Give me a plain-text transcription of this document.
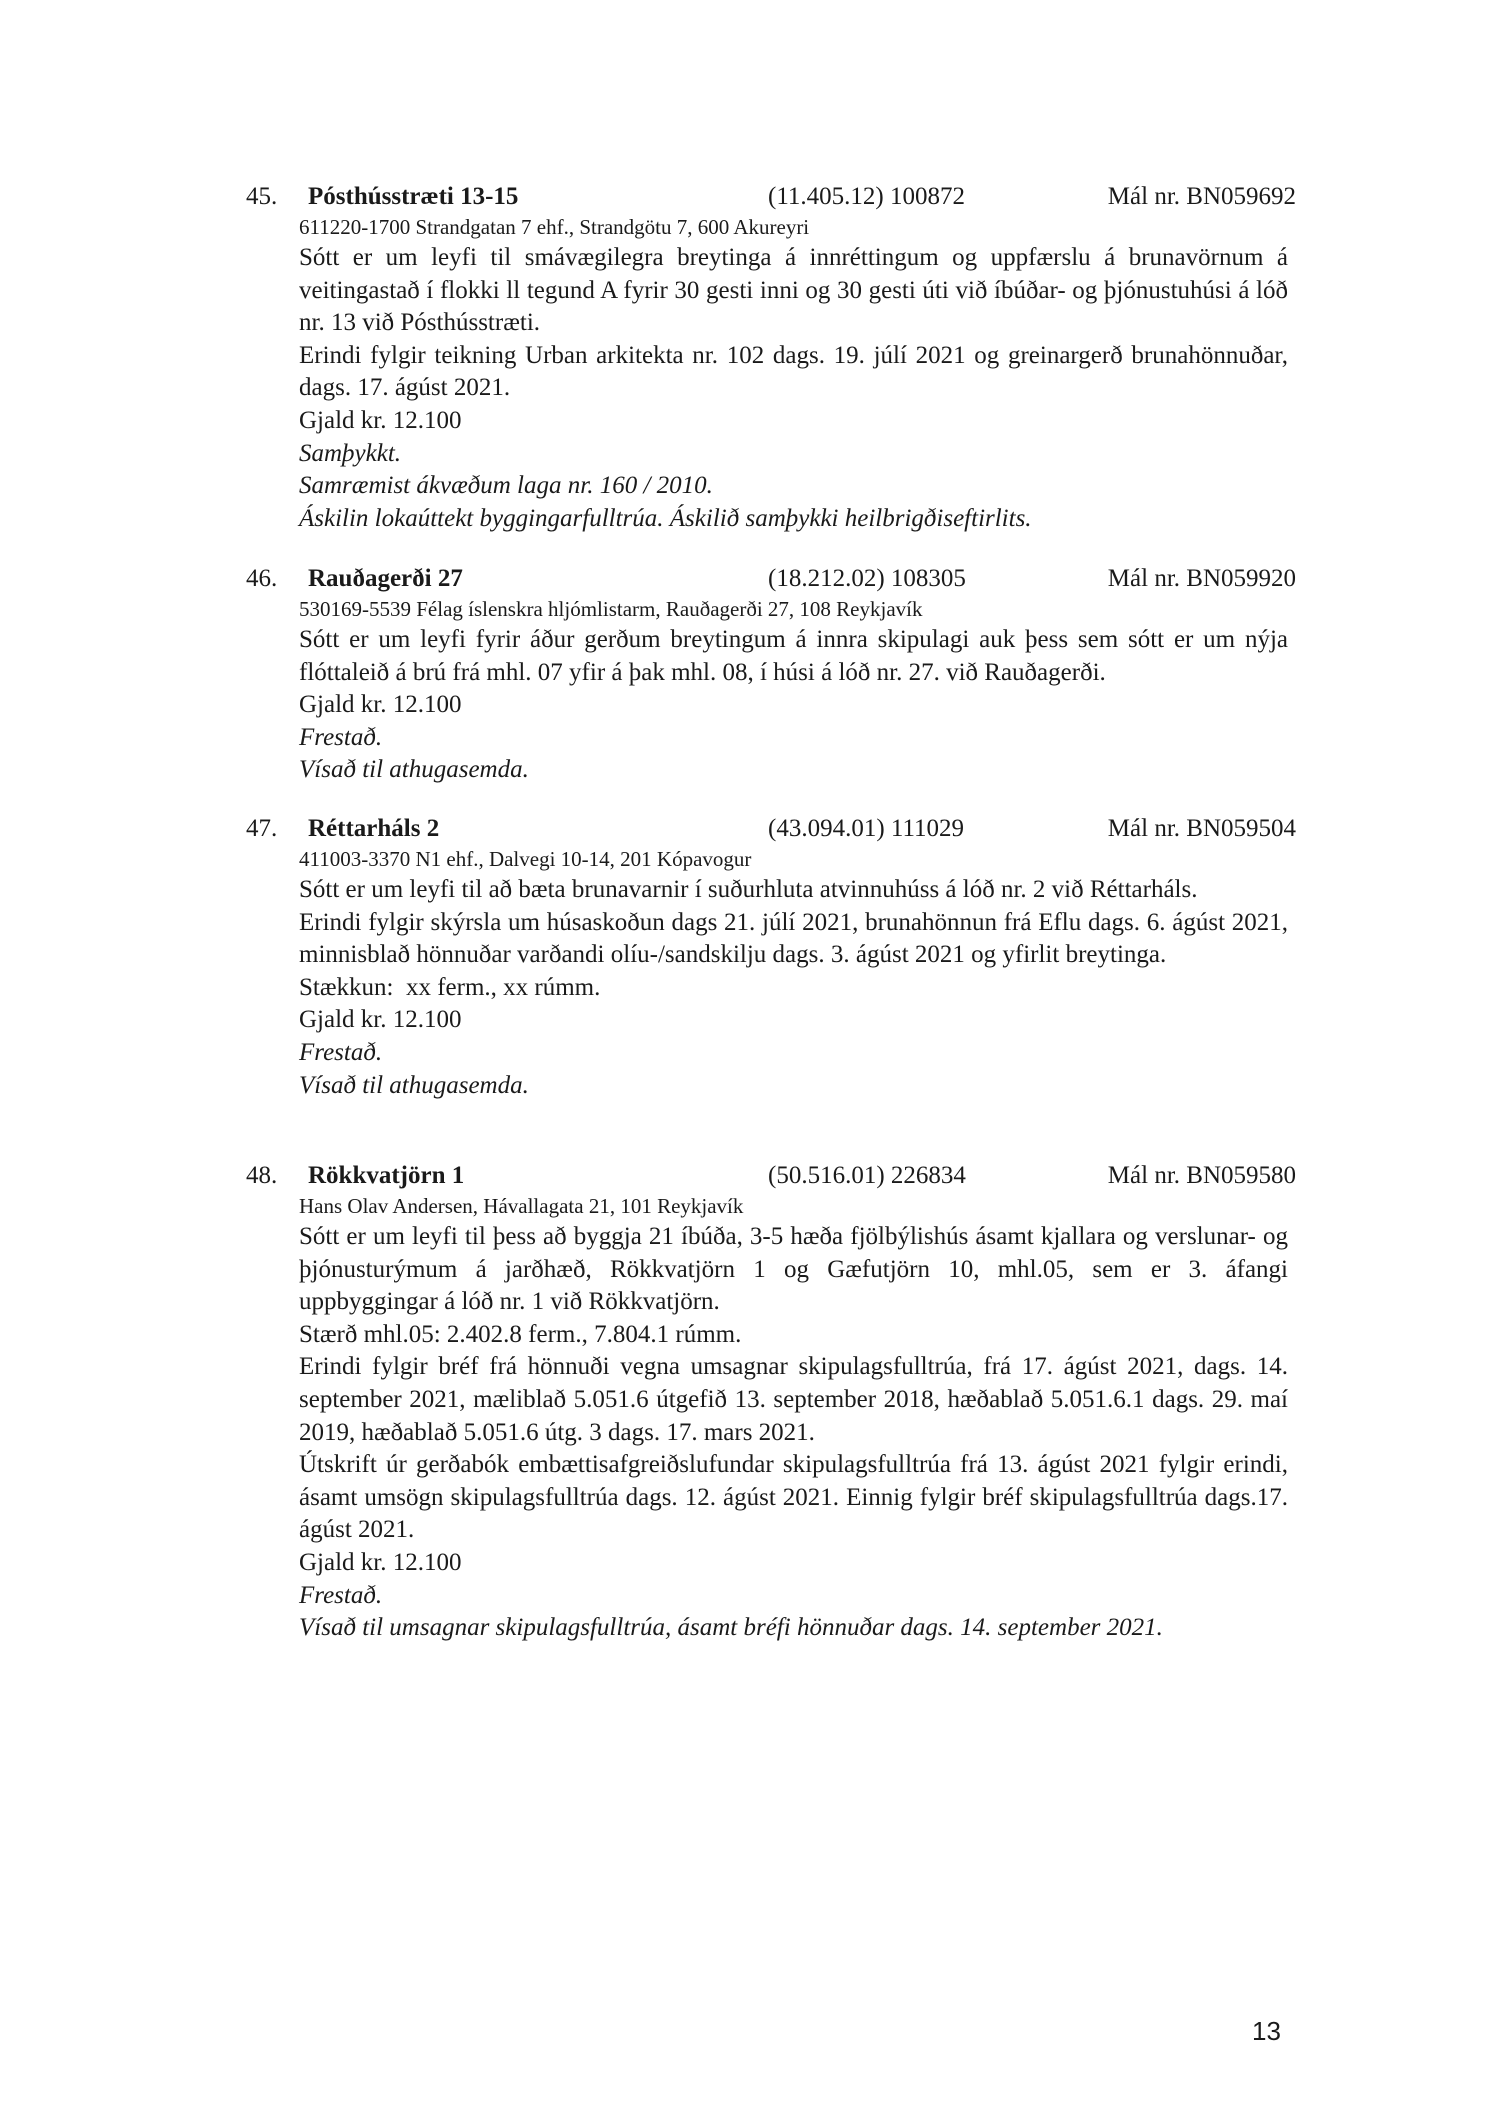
45. Pósthússtræti 13-15	(11.405.12) 100872	Mál nr. BN059692

611220-1700 Strandgatan 7 ehf., Strandgötu 7, 600 Akureyri

Sótt er um leyfi til smávægilegra breytinga á innréttingum og uppfærslu á brunavörnum á veitingastað í flokki ll tegund A fyrir 30 gesti inni og 30 gesti úti við íbúðar- og þjónustuhúsi á lóð nr. 13 við Pósthússtræti.

Erindi fylgir teikning Urban arkitekta nr. 102 dags. 19. júlí 2021 og greinargerð brunahönnuðar, dags. 17. ágúst 2021.

Gjald kr. 12.100

Samþykkt.

Samræmist ákvæðum laga nr. 160 / 2010.

Áskilin lokaúttekt byggingarfulltrúa. Áskilið samþykki heilbrigðiseftirlits.

46. Rauðagerði 27	(18.212.02) 108305	Mál nr. BN059920

530169-5539 Félag íslenskra hljómlistarm, Rauðagerði 27, 108 Reykjavík

Sótt er um leyfi fyrir áður gerðum breytingum á innra skipulagi auk þess sem sótt er um nýja flóttaleið á brú frá mhl. 07 yfir á þak mhl. 08, í húsi á lóð nr. 27. við Rauðagerði.

Gjald kr. 12.100

Frestað.

Vísað til athugasemda.

47. Réttarháls 2	(43.094.01) 111029	Mál nr. BN059504

411003-3370 N1 ehf., Dalvegi 10-14, 201 Kópavogur

Sótt er um leyfi til að bæta brunavarnir í suðurhluta atvinnuhúss á lóð nr. 2 við Réttarháls.

Erindi fylgir skýrsla um húsaskoðun dags 21. júlí 2021, brunahönnun frá Eflu dags. 6. ágúst 2021, minnisblað hönnuðar varðandi olíu-/sandskilju dags. 3. ágúst 2021 og yfirlit breytinga.

Stækkun:  xx ferm., xx rúmm.

Gjald kr. 12.100

Frestað.

Vísað til athugasemda.

48. Rökkvatjörn 1	(50.516.01) 226834	Mál nr. BN059580

Hans Olav Andersen, Hávallagata 21, 101 Reykjavík

Sótt er um leyfi til þess að byggja 21 íbúða, 3-5 hæða fjölbýlishús ásamt kjallara og verslunar- og þjónusturýmum á jarðhæð, Rökkvatjörn 1 og Gæfutjörn 10, mhl.05, sem er 3. áfangi uppbyggingar á lóð nr. 1 við Rökkvatjörn.

Stærð mhl.05: 2.402.8 ferm., 7.804.1 rúmm.

Erindi fylgir bréf frá hönnuði vegna umsagnar skipulagsfulltrúa, frá 17. ágúst 2021, dags. 14. september 2021, mæliblað 5.051.6 útgefið 13. september 2018, hæðablað 5.051.6.1 dags. 29. maí 2019, hæðablað 5.051.6 útg. 3 dags. 17. mars 2021.

Útskrift úr gerðabók embættisafgreiðslufundar skipulagsfulltrúa frá 13. ágúst 2021 fylgir erindi, ásamt umsögn skipulagsfulltrúa dags. 12. ágúst 2021. Einnig fylgir bréf skipulagsfulltrúa dags.17. ágúst 2021.

Gjald kr. 12.100

Frestað.

Vísað til umsagnar skipulagsfulltrúa, ásamt bréfi hönnuðar dags. 14. september 2021.

13
